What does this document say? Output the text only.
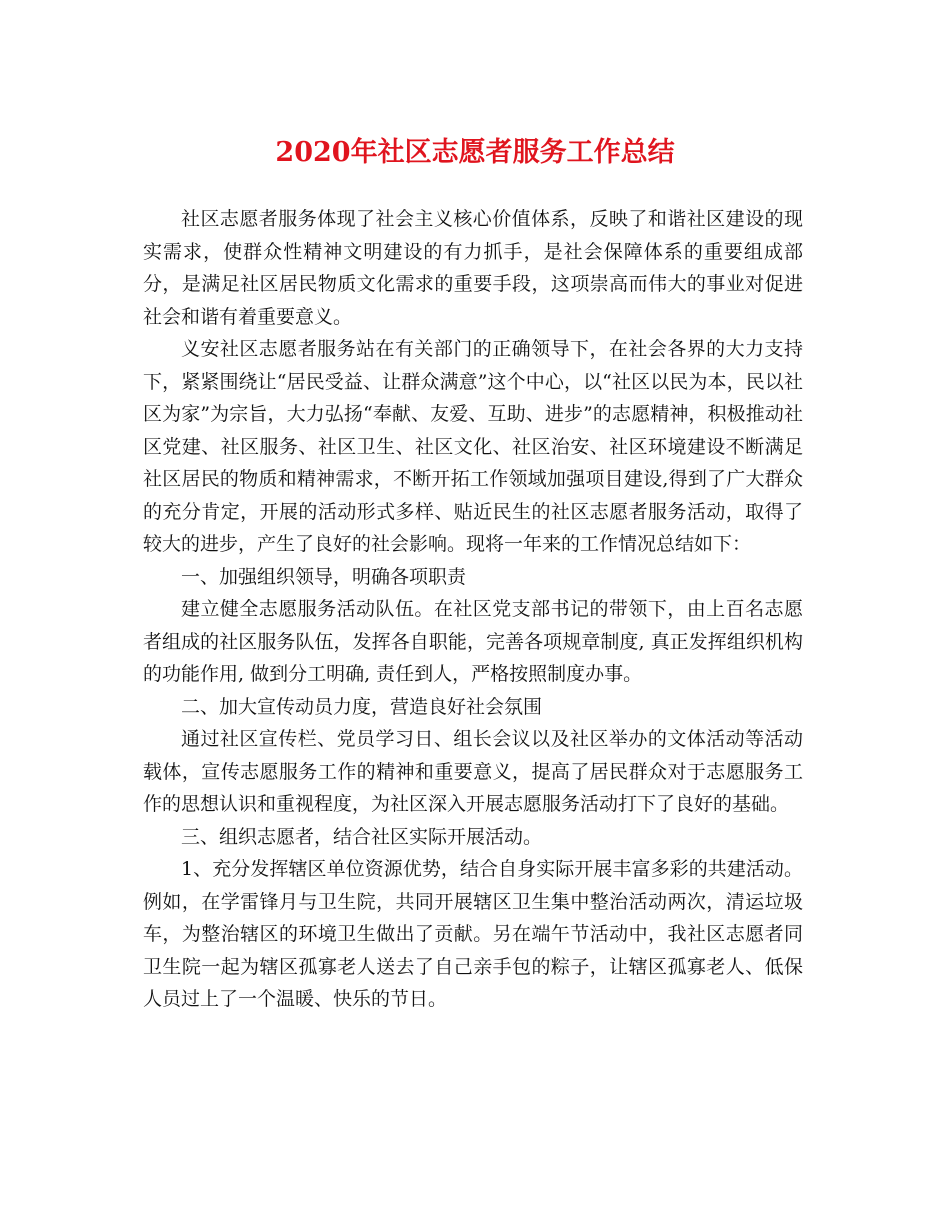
2020年社区志愿者服务工作总结

社区志愿者服务体现了社会主义核心价值体系，反映了和谐社区建设的现实需求，使群众性精神文明建设的有力抓手，是社会保障体系的重要组成部分，是满足社区居民物质文化需求的重要手段，这项崇高而伟大的事业对促进社会和谐有着重要意义。

义安社区志愿者服务站在有关部门的正确领导下，在社会各界的大力支持下，紧紧围绕让“居民受益、让群众满意”这个中心，以“社区以民为本，民以社区为家”为宗旨，大力弘扬“奉献、友爱、互助、进步”的志愿精神，积极推动社区党建、社区服务、社区卫生、社区文化、社区治安、社区环境建设不断满足社区居民的物质和精神需求，不断开拓工作领域加强项目建设,得到了广大群众的充分肯定，开展的活动形式多样、贴近民生的社区志愿者服务活动，取得了较大的进步，产生了良好的社会影响。现将一年来的工作情况总结如下：

一、加强组织领导，明确各项职责

建立健全志愿服务活动队伍。在社区党支部书记的带领下，由上百名志愿者组成的社区服务队伍，发挥各自职能，完善各项规章制度, 真正发挥组织机构的功能作用, 做到分工明确, 责任到人，严格按照制度办事。

二、加大宣传动员力度，营造良好社会氛围

通过社区宣传栏、党员学习日、组长会议以及社区举办的文体活动等活动载体，宣传志愿服务工作的精神和重要意义，提高了居民群众对于志愿服务工作的思想认识和重视程度，为社区深入开展志愿服务活动打下了良好的基础。

三、组织志愿者，结合社区实际开展活动。

1、充分发挥辖区单位资源优势，结合自身实际开展丰富多彩的共建活动。例如，在学雷锋月与卫生院，共同开展辖区卫生集中整治活动两次，清运垃圾车，为整治辖区的环境卫生做出了贡献。另在端午节活动中，我社区志愿者同卫生院一起为辖区孤寡老人送去了自己亲手包的粽子，让辖区孤寡老人、低保人员过上了一个温暖、快乐的节日。
